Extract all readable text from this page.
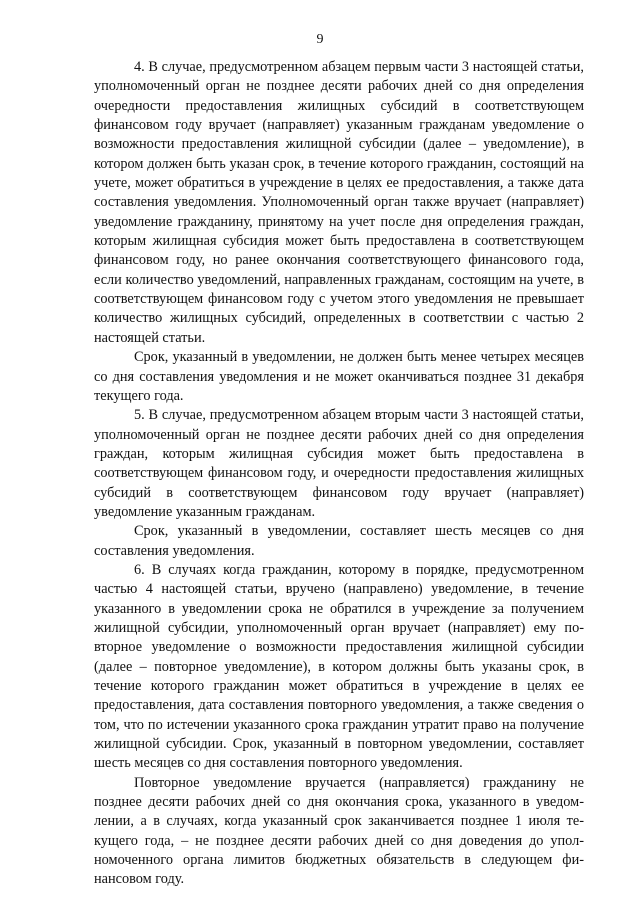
9

4. В случае, предусмотренном абзацем первым части 3 настоящей статьи, уполномоченный орган не позднее десяти рабочих дней со дня определения очередности предоставления жилищных субсидий в соответствующем финансовом году вручает (направляет) указанным гражданам уведомление о возможности предоставления жилищной субсидии (далее – уведомление), в котором должен быть указан срок, в течение которого гражданин, состоящий на учете, может обратиться в учреждение в целях ее предоставления, а также дата составления уведомления. Уполномоченный орган также вручает (направляет) уведомление гражданину, принятому на учет после дня определения граждан, которым жилищная субсидия может быть предоставлена в соответствующем финансовом году, но ранее окончания соответствующего финансового года, если количество уведомлений, направленных гражданам, состоящим на учете, в соответствующем финансовом году с учетом этого уведомления не превышает количество жилищных субсидий, определенных в соответствии с частью 2 настоящей статьи.

Срок, указанный в уведомлении, не должен быть менее четырех месяцев со дня составления уведомления и не может оканчиваться позднее 31 декабря текущего года.

5. В случае, предусмотренном абзацем вторым части 3 настоящей статьи, уполномоченный орган не позднее десяти рабочих дней со дня определения граждан, которым жилищная субсидия может быть предоставлена в соответствующем финансовом году, и очередности предоставления жилищных субсидий в соответствующем финансовом году вручает (направляет) уведомление указанным гражданам.

Срок, указанный в уведомлении, составляет шесть месяцев со дня составления уведомления.

6. В случаях когда гражданин, которому в порядке, предусмотренном частью 4 настоящей статьи, вручено (направлено) уведомление, в течение указанного в уведомлении срока не обратился в учреждение за получением жилищной субсидии, уполномоченный орган вручает (направляет) ему повторное уведомление о возможности предоставления жилищной субсидии (далее – повторное уведомление), в котором должны быть указаны срок, в течение которого гражданин может обратиться в учреждение в целях ее предоставления, дата составления повторного уведомления, а также сведения о том, что по истечении указанного срока гражданин утратит право на получение жилищной субсидии. Срок, указанный в повторном уведомлении, составляет шесть месяцев со дня составления повторного уведомления.

Повторное уведомление вручается (направляется) гражданину не позднее десяти рабочих дней со дня окончания срока, указанного в уведомлении, а в случаях, когда указанный срок заканчивается позднее 1 июля текущего года, – не позднее десяти рабочих дней со дня доведения до уполномоченного органа лимитов бюджетных обязательств в следующем финансовом году.
